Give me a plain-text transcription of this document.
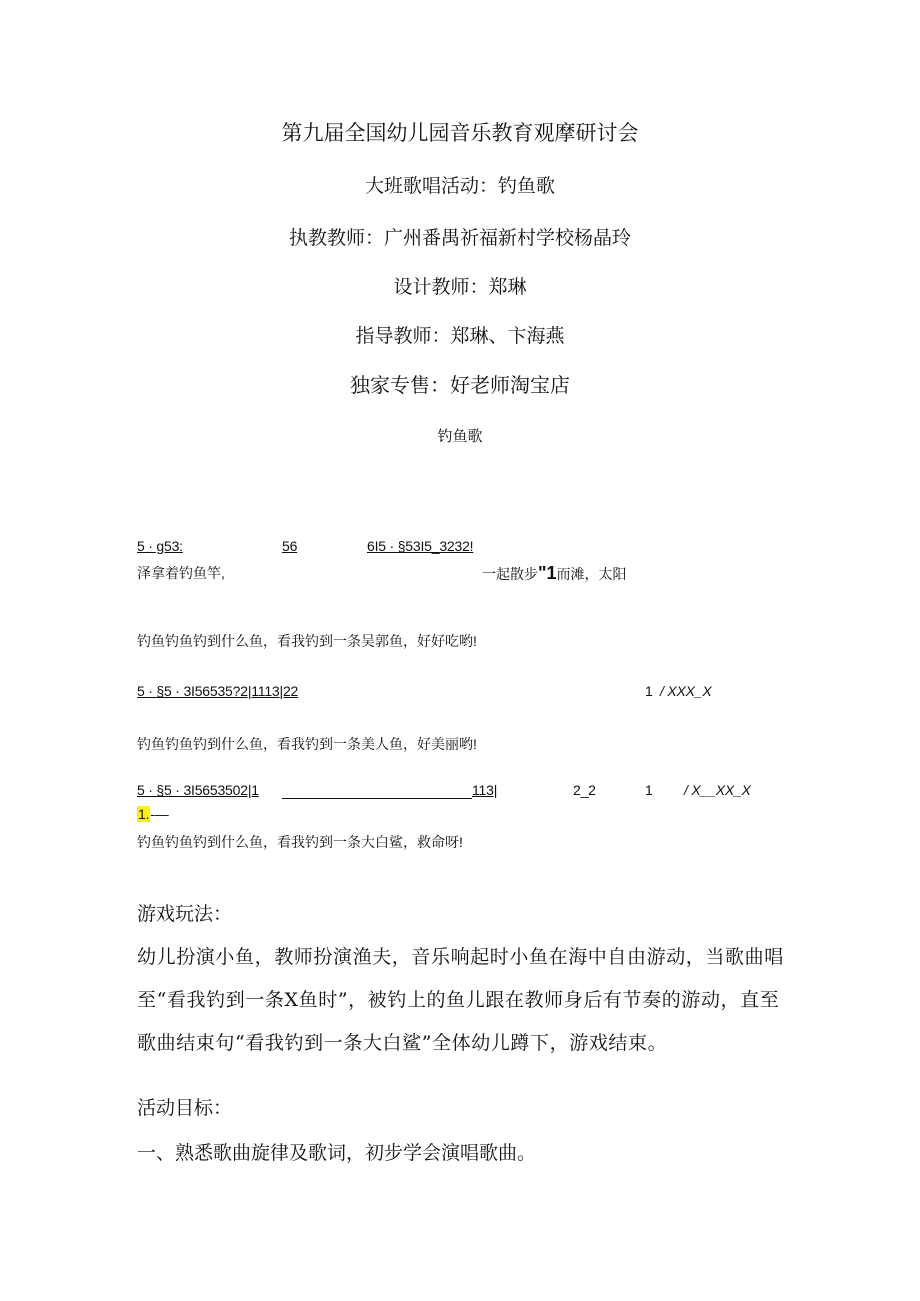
第九届全国幼儿园音乐教育观摩研讨会
大班歌唱活动：钓鱼歌
执教教师：广州番禺祈福新村学校杨晶玲
设计教师：郑琳
指导教师：郑琳、卞海燕
独家专售：好老师淘宝店
钓鱼歌
5 · g53:	56	6I5 · §53I5_3232!
泽拿着钓鱼竿,	一起散步"1而滩，太阳
钓鱼钓鱼钓到什么鱼，看我钓到一条吴郭鱼，好好吃哟!
5 · §5 · 3I56535?2|1113|22	1 / XXX_X
钓鱼钓鱼钓到什么鱼，看我钓到一条美人鱼，好美丽哟!
5 · §5 · 3I5653502|1	113|	2_2	1 / X__XX_X
1.-—
钓鱼钓鱼钓到什么鱼，看我钓到一条大白鲨，救命呀!
游戏玩法：
幼儿扮演小鱼，教师扮演渔夫，音乐响起时小鱼在海中自由游动，当歌曲唱至“看我钓到一条X鱼时”，被钓上的鱼儿跟在教师身后有节奏的游动，直至歌曲结束句“看我钓到一条大白鲨”全体幼儿蹲下，游戏结束。
活动目标：
一、熟悉歌曲旋律及歌词，初步学会演唱歌曲。
